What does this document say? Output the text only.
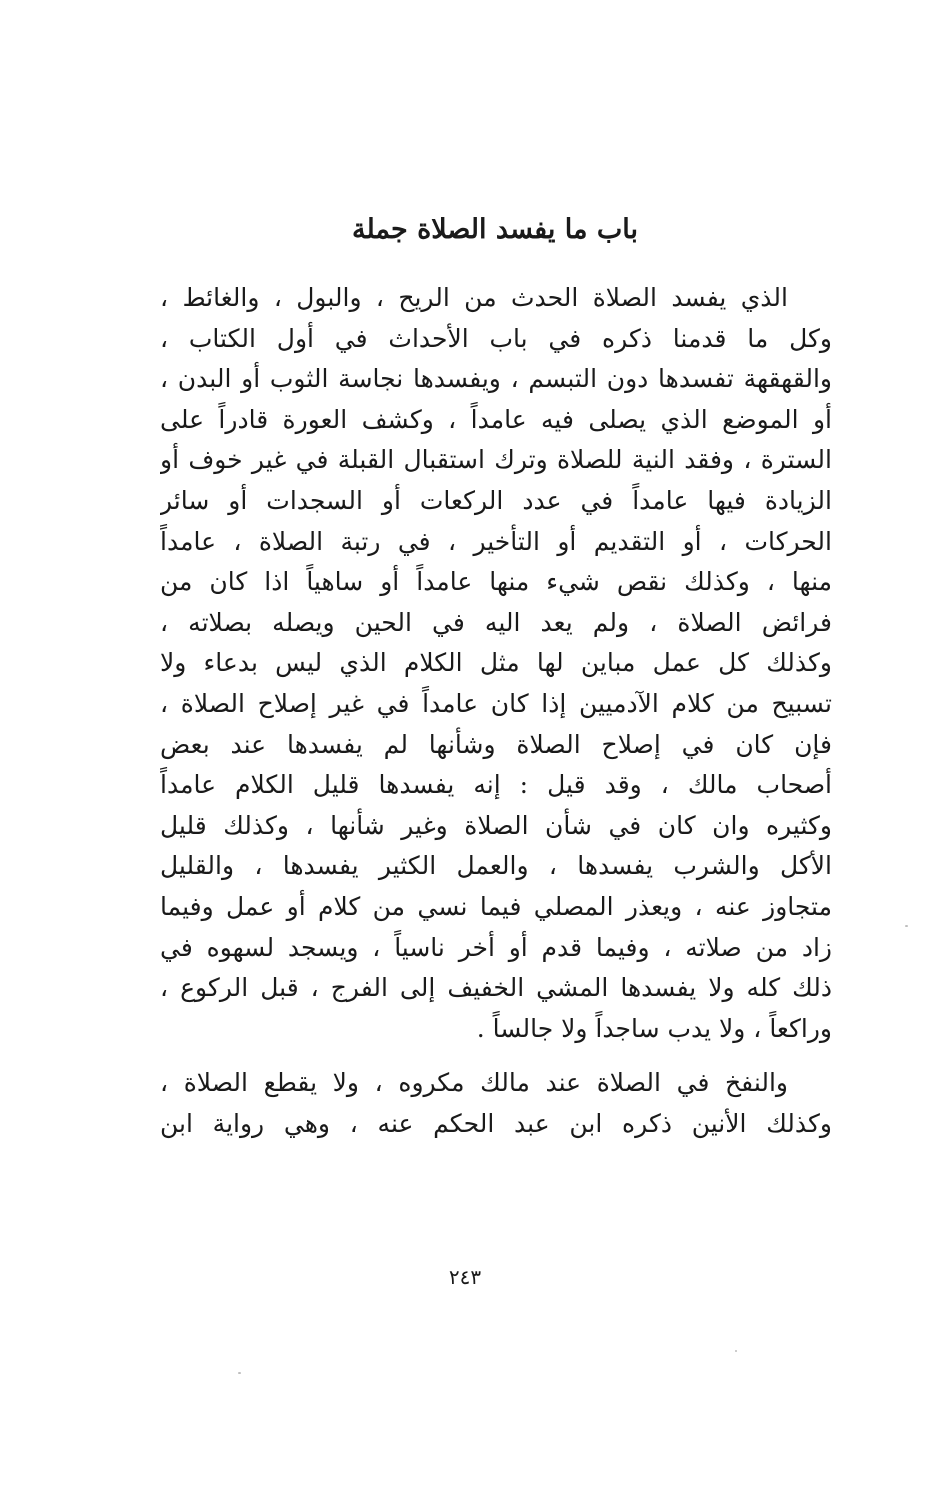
باب ما يفسد الصلاة جملة
الذي يفسد الصلاة الحدث من الريح ، والبول ، والغائط ،
وكل ما قدمنا ذكره في باب الأحداث في أول الكتاب ،
والقهقهة تفسدها دون التبسم ، ويفسدها نجاسة الثوب أو البدن ،
أو الموضع الذي يصلى فيه عامداً ، وكشف العورة قادراً على
السترة ، وفقد النية للصلاة وترك استقبال القبلة في غير خوف أو
الزيادة فيها عامداً في عدد الركعات أو السجدات أو سائر
الحركات ، أو التقديم أو التأخير ، في رتبة الصلاة ، عامداً
منها ، وكذلك نقص شيء منها عامداً أو ساهياً اذا كان من
فرائض الصلاة ، ولم يعد اليه في الحين ويصله بصلاته ،
وكذلك كل عمل مباين لها مثل الكلام الذي ليس بدعاء ولا
تسبيح من كلام الآدميين إذا كان عامداً في غير إصلاح الصلاة ،
فإن كان في إصلاح الصلاة وشأنها لم يفسدها عند بعض
أصحاب مالك ، وقد قيل : إنه يفسدها قليل الكلام عامداً
وكثيره وان كان في شأن الصلاة وغير شأنها ، وكذلك قليل
الأكل والشرب يفسدها ، والعمل الكثير يفسدها ، والقليل
متجاوز عنه ، ويعذر المصلي فيما نسي من كلام أو عمل وفيما
زاد من صلاته ، وفيما قدم أو أخر ناسياً ، ويسجد لسهوه في
ذلك كله ولا يفسدها المشي الخفيف إلى الفرج ، قبل الركوع ،
وراكعاً ، ولا يدب ساجداً ولا جالساً .
والنفخ في الصلاة عند مالك مكروه ، ولا يقطع الصلاة ،
وكذلك الأنين ذكره ابن عبد الحكم عنه ، وهي رواية ابن
٢٤٣
